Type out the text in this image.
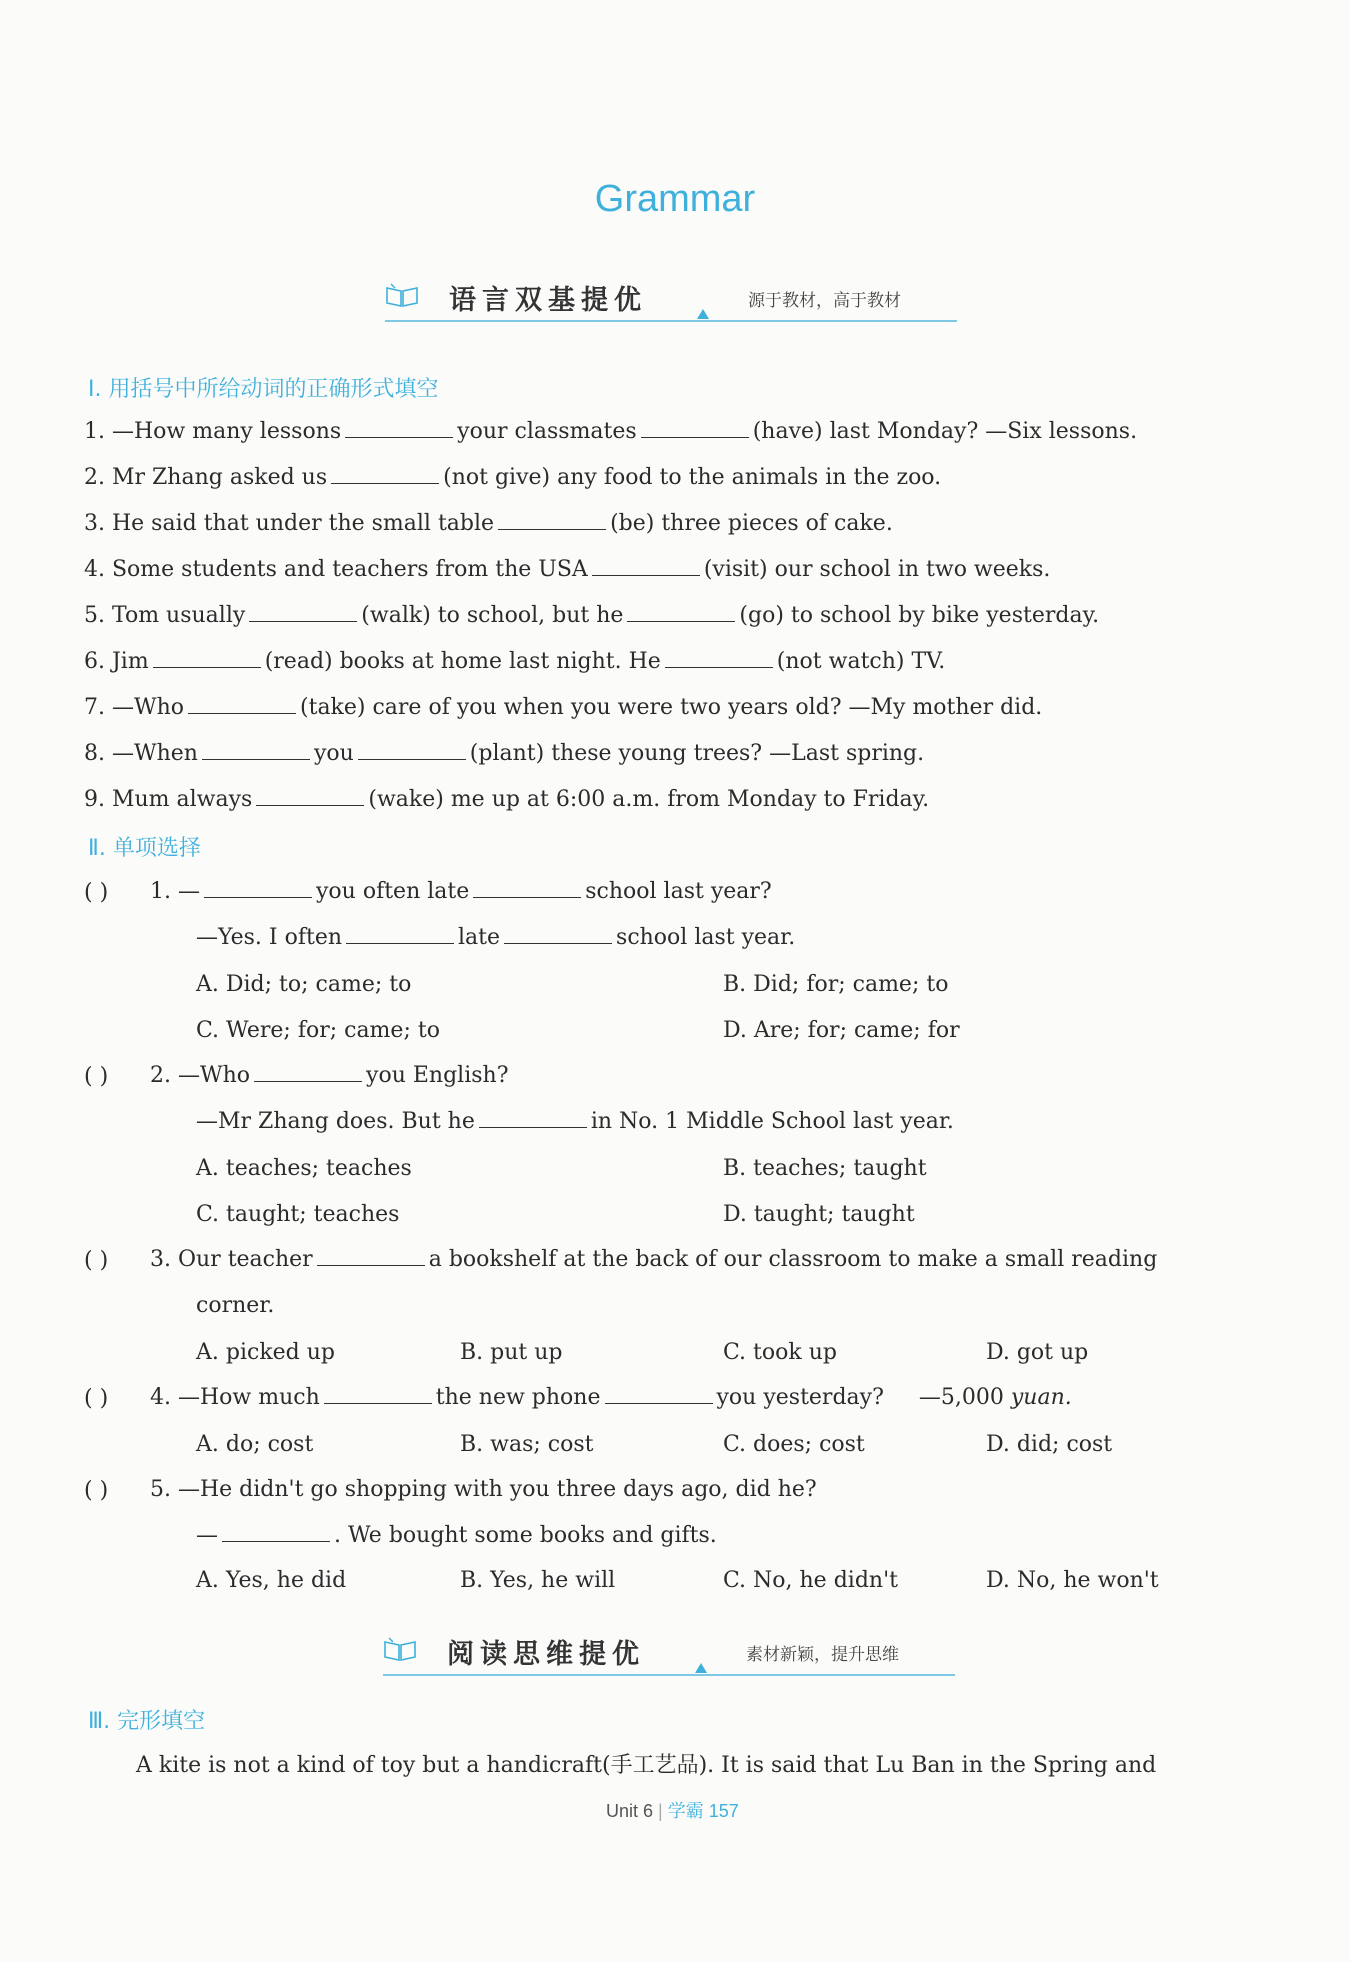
Grammar
语言双基提优	源于教材，高于教材
Ⅰ. 用括号中所给动词的正确形式填空
1. —How many lessons	your classmates	(have) last Monday? —Six lessons.
2. Mr Zhang asked us	(not give) any food to the animals in the zoo.
3. He said that under the small table	(be) three pieces of cake.
4. Some students and teachers from the USA	(visit) our school in two weeks.
5. Tom usually	(walk) to school, but he	(go) to school by bike yesterday.
6. Jim	(read) books at home last night. He	(not watch) TV.
7. —Who	(take) care of you when you were two years old? —My mother did.
8. —When	you	(plant) these young trees? —Last spring.
9. Mum always	(wake) me up at 6:00 a.m. from Monday to Friday.
Ⅱ. 单项选择
( ) 1. —	you often late	school last year?
—Yes. I often	late	school last year.
A. Did; to; came; to	B. Did; for; came; to
C. Were; for; came; to	D. Are; for; came; for
( ) 2. —Who	you English?
—Mr Zhang does. But he	in No. 1 Middle School last year.
A. teaches; teaches	B. teaches; taught
C. taught; teaches	D. taught; taught
( ) 3. Our teacher	a bookshelf at the back of our classroom to make a small reading
corner.
A. picked up	B. put up	C. took up	D. got up
( ) 4. —How much	the new phone	you yesterday? —5,000 yuan.
A. do; cost	B. was; cost	C. does; cost	D. did; cost
( ) 5. —He didn't go shopping with you three days ago, did he?
—	. We bought some books and gifts.
A. Yes, he did	B. Yes, he will	C. No, he didn't	D. No, he won't
阅读思维提优	素材新颖，提升思维
Ⅲ. 完形填空
A kite is not a kind of toy but a handicraft(手工艺品). It is said that Lu Ban in the Spring and
Unit 6 | 学霸 157
